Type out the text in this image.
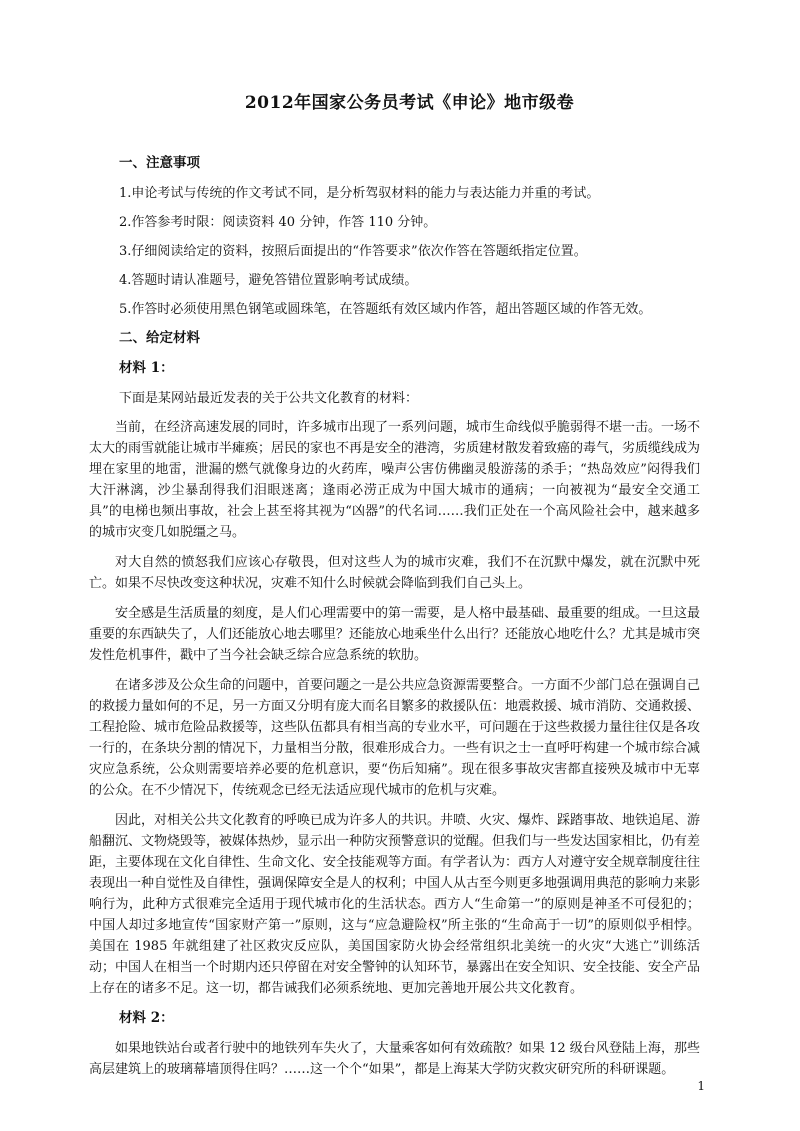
2012年国家公务员考试《申论》地市级卷
一、注意事项
1.申论考试与传统的作文考试不同，是分析驾驭材料的能力与表达能力并重的考试。
2.作答参考时限：阅读资料 40 分钟，作答 110 分钟。
3.仔细阅读给定的资料，按照后面提出的“作答要求”依次作答在答题纸指定位置。
4.答题时请认准题号，避免答错位置影响考试成绩。
5.作答时必须使用黑色钢笔或圆珠笔，在答题纸有效区域内作答，超出答题区域的作答无效。
二、给定材料
材料 1：
下面是某网站最近发表的关于公共文化教育的材料：

当前，在经济高速发展的同时，许多城市出现了一系列问题，城市生命线似乎脆弱得不堪一击。一场不太大的雨雪就能让城市半瘫痪；居民的家也不再是安全的港湾，劣质建材散发着致癌的毒气，劣质缆线成为埋在家里的地雷，泄漏的燃气就像身边的火药库，噪声公害仿佛幽灵般游荡的杀手；“热岛效应”闷得我们大汗淋漓，沙尘暴刮得我们泪眼迷离；逢雨必涝正成为中国大城市的通病；一向被视为“最安全交通工具”的电梯也频出事故，社会上甚至将其视为“凶器”的代名词……我们正处在一个高风险社会中，越来越多的城市灾变几如脱缰之马。

对大自然的愤怒我们应该心存敬畏，但对这些人为的城市灾难，我们不在沉默中爆发，就在沉默中死亡。如果不尽快改变这种状况，灾难不知什么时候就会降临到我们自己头上。

安全感是生活质量的刻度，是人们心理需要中的第一需要，是人格中最基础、最重要的组成。一旦这最重要的东西缺失了，人们还能放心地去哪里？还能放心地乘坐什么出行？还能放心地吃什么？尤其是城市突发性危机事件，戳中了当今社会缺乏综合应急系统的软肋。

在诸多涉及公众生命的问题中，首要问题之一是公共应急资源需要整合。一方面不少部门总在强调自己的救援力量如何的不足，另一方面又分明有庞大而名目繁多的救援队伍：地震救援、城市消防、交通救援、工程抢险、城市危险品救援等，这些队伍都具有相当高的专业水平，可问题在于这些救援力量往往仅是各攻一行的，在条块分割的情况下，力量相当分散，很难形成合力。一些有识之士一直呼吁构建一个城市综合减灾应急系统，公众则需要培养必要的危机意识，要“伤后知痛”。现在很多事故灾害都直接殃及城市中无辜的公众。在不少情况下，传统观念已经无法适应现代城市的危机与灾难。

因此，对相关公共文化教育的呼唤已成为许多人的共识。井喷、火灾、爆炸、踩踏事故、地铁追尾、游船翻沉、文物烧毁等，被媒体热炒，显示出一种防灾预警意识的觉醒。但我们与一些发达国家相比，仍有差距，主要体现在文化自律性、生命文化、安全技能观等方面。有学者认为：西方人对遵守安全规章制度往往表现出一种自觉性及自律性，强调保障安全是人的权利；中国人从古至今则更多地强调用典范的影响力来影响行为，此种方式很难完全适用于现代城市化的生活状态。西方人“生命第一”的原则是神圣不可侵犯的；中国人却过多地宣传“国家财产第一”原则，这与“应急避险权”所主张的“生命高于一切”的原则似乎相悖。美国在 1985 年就组建了社区救灾反应队，美国国家防火协会经常组织北美统一的火灾“大逃亡”训练活动；中国人在相当一个时期内还只停留在对安全警钟的认知环节，暴露出在安全知识、安全技能、安全产品上存在的诸多不足。这一切，都告诫我们必须系统地、更加完善地开展公共文化教育。

材料 2：

如果地铁站台或者行驶中的地铁列车失火了，大量乘客如何有效疏散？如果 12 级台风登陆上海，那些高层建筑上的玻璃幕墙顶得住吗？……这一个个“如果”，都是上海某大学防灾救灾研究所的科研课题。

1
